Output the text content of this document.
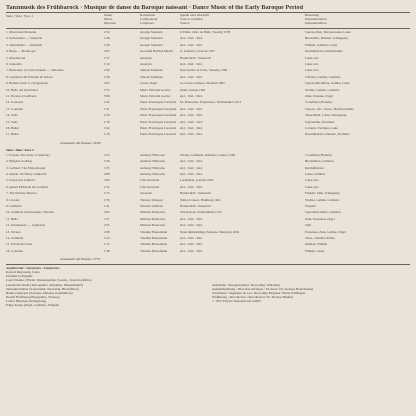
Tanzmusik des Frühbarock · Musique de danse du Baroque naissant · Dance Music of the Early Baroque Period
Seite / Side / Face 1	Dauer
Durée
Duration
Komponist
Compositeur
Composer
Quelle oder Abschrift
Source et édition
Source
Besetzung
Instrumentation
Instrumentation
1. Mascarada Maranda	2'14	Giorgio Mainerio	Il Primo Libro de Balli, Venedig 1578	Sopran-Zink, Tenorposaune, Laute
2. Schiarazula — Saltarello	1'49	Giorgio Mainerio	ebd. / ibid. / ibid.	Blockflöte, Dulzian, Schlagzeug
3. Tedeschella — Saltarello	1'26	Giorgio Mainerio	ebd. / ibid. / ibid.	Fiddeln, Gamben, Laute
4. Basse — Branle gai	2'03	Giovanni Battista Mealli	G. Gabrieli, Canzoni 1597	Krummhörner, Rauschpfeife
5. Mascherada	1'37	Anonym	Handschrift / manuscrit	Laute solo
6. Saltarello	1'12	Anonym	ebd. / ibid. / ibid.	Laute solo
7. Balli detto il Conte Orlando — Saltarello	2'40	Simone Molinaro	Intavolatura di Liuto, Venedig 1599	Laute solo
8. Gagliarda del Principe di Venosa	1'58	Simone Molinaro	ebd. / ibid. / ibid.	2 Flöten, Gambe, Cembalo
9. Balletto detto Lo Spagnoletto	2'22	Cesare Negri	Le Gratie d'Amore, Mailand 1602	Sopran-Blockflöte, Gambe, Laute
10. Ballo del Gran Duca	1'55	Mario Pettorini Gorino	Dalla canzoni 1601	Violine, Gambe, Cembalo
11. Pavane et Galliarde	3'08	Mario Pettorini Gorino	ebd. / ibid. / ibid.	Zink, Posaune, Orgel
12. Courante	1'42	Pierre Francisque Caroubel	M. Praetorius, Terpsichore, Wolfenbüttel 1612	5 Gamben (Fiddeln)
13. Courante	1'31	Pierre Francisque Caroubel	ebd. / ibid. / ibid.	Sopran-, Alt-, Tenor-, Bassblockflöte
14. Volte	1'20	Pierre Francisque Caroubel	ebd. / ibid. / ibid.	Tenorfiddel, Laute, Schlagzeug
15. Volte	1'18	Pierre Francisque Caroubel	ebd. / ibid. / ibid.	Sopranzink, Posaunen
16. Ballet	1'44	Pierre Francisque Caroubel	ebd. / ibid. / ibid.	Cornetti, Violinen, Laute
17. Ballet	1'10	Pierre Francisque Caroubel	ebd. / ibid. / ibid.	Krummhörner, Dulzian, Trommel
Gesamtzeit mit Pausen: 26'09
Seite / Side / Face 2
1. Pavane: The Earle of Salisbury	3'12	Anthony Holborne	Pavans, Galliards, Almains, London 1599	5 Gamben (Fiddeln)
2. Heigh ho holiday	1'49	Anthony Holborne	ebd. / ibid. / ibid.	Blockflöten, Gamben
3. Galliard: The Fairie Round	1'25	Anthony Holborne	ebd. / ibid. / ibid.	Krummhörner
4. Alman: Sir Henry Guilforde	2'08	Anthony Holborne	ebd. / ibid. / ibid.	Laute, Gamben
5. Pavan and Galliard	3'40	John Dowland	Lachrimae, London 1604	Laute solo
6. Queen Elizabeth her Galliard	1'52	John Dowland	ebd. / ibid. / ibid.	Laute solo
7. The Witches Daunce	2'15	Anonym	Handschrift / manuscrit	Fiddeln, Zink, Schlagzeug
8. Coranto	1'33	Thomas Simpson	Taffel-Consort, Hamburg 1621	Violine, Gambe, Cembalo
9. Galliarda	1'41	Orlando Gibbons	Handschrift / manuscrit	Virginal
10. Galliarda di Alessandro Vincenti	2'02	Michael Praetorius	Terpsichore, Wolfenbüttel 1612	Sopranblockflöte, Gamben
11. Ballo	1'27	Michael Praetorius	ebd. / ibid. / ibid.	Zink, Posaunen, Orgel
12. Passamezzo — Gagliarda	2'35	Michael Praetorius	ebd. / ibid. / ibid.	Tutti
13. Pavana	2'48	Valentin Haussmann	Neue fünfstimmige Paduane, Nürnberg 1604	Posaunen, Zink, Gambe, Orgel
14. Galliarda	1'22	Valentin Haussmann	ebd. / ibid. / ibid.	Tenor-, Bassblockflöte
15. Polnischer Tanz	1'15	Valentin Haussmann	ebd. / ibid. / ibid.	Dulzian, Fiddeln
16. Courante	1'38	Valentin Haussmann	ebd. / ibid. / ibid.	Fiddeln, Laute
Gesamtzeit mit Pausen: 27'51
Ausführende / Interprètes / Interpreters
Konrad Ragossnig, Laute
Ulsamer-Collegium:
Josef Ulsamer (Fiddel, Diskantgambe, Sopran-, Tenorblockflöte)
Laurenzius Strehl (Tenorgambe, Altgambe, Diskantfiddel)
Sebastian Kelber (Sopranzink, Tenorzink, Blockflöten)
Hanns Gaisbauer (Posaune, Dulzian, Krummhorn)
Rudolf Hoffmann (Bassgambe, Violone)
Lothar Hebeisen (Schlagzeug)
Edgar Krapp (Orgel, Cembalo, Virginal)
Aufnahme / Enregistrement / Recording: Würzburg
Aufnahmeleitung / Direction artistique / Producer: Dr. Andreas Holschneider
Tonmeister / Ingénieur du son / Recording Engineer: Heinz Wildhagen
Einführung / Introduction / Introduction: Dr. Thomas Binkley
© 1973 Polydor International GmbH
